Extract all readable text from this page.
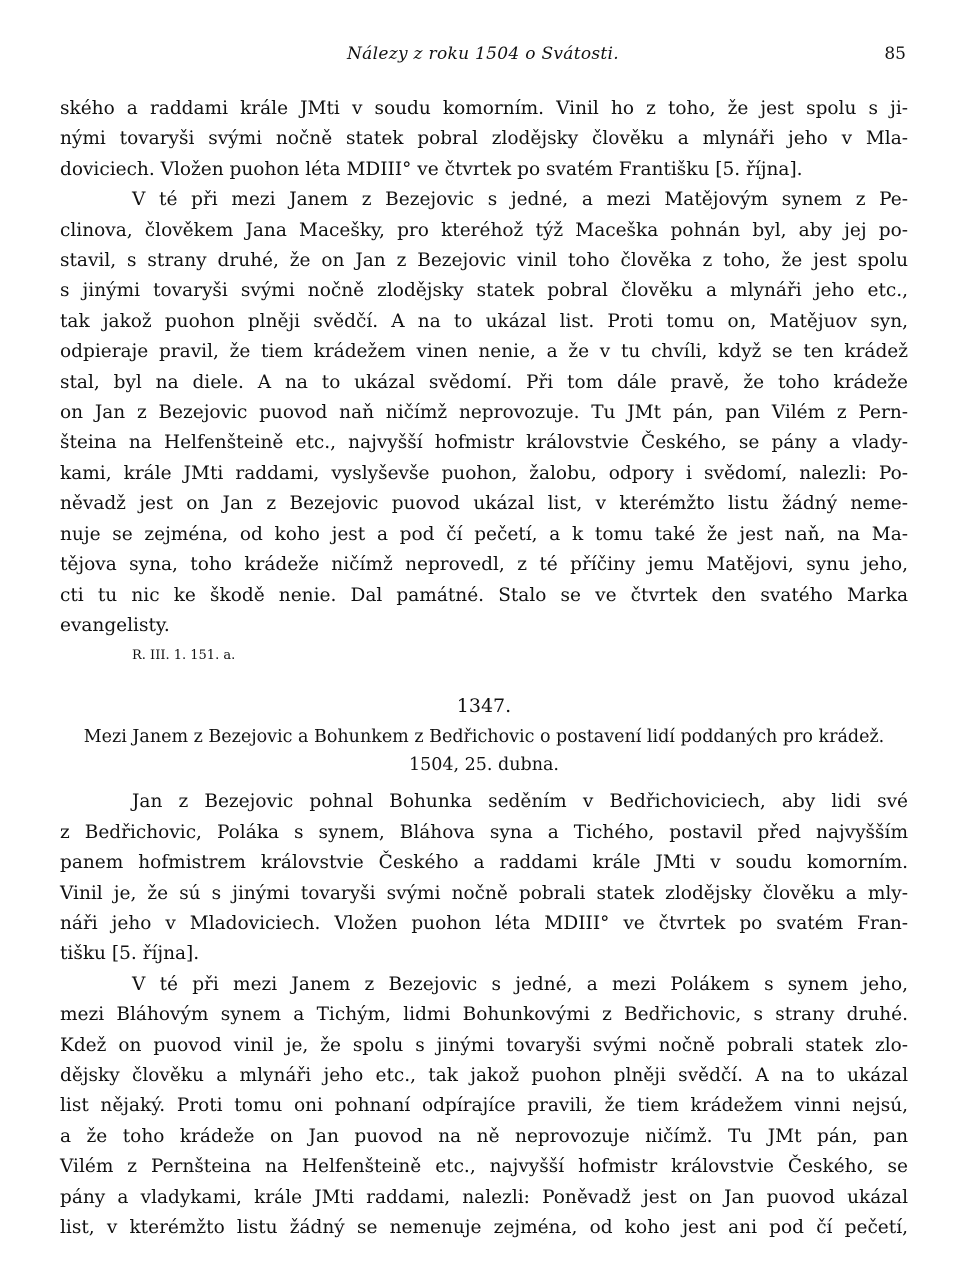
Nálezy z roku 1504 o Svátosti.	85
ského a raddami krále JMti v soudu komorním. Vinil ho z toho, že jest spolu s ji-
nými tovaryši svými nočně statek pobral zlodějsky člověku a mlynáři jeho v Mla-
doviciech. Vložen puohon léta MDIII° ve čtvrtek po svatém Františku [5. října].
V té při mezi Janem z Bezejovic s jedné, a mezi Matějovým synem z Pe-
clinova, člověkem Jana Macešky, pro kteréhož týž Maceška pohnán byl, aby jej po-
stavil, s strany druhé, že on Jan z Bezejovic vinil toho člověka z toho, že jest spolu
s jinými tovaryši svými nočně zlodějsky statek pobral člověku a mlynáři jeho etc.,
tak jakož puohon plněji svědčí. A na to ukázal list. Proti tomu on, Matějuov syn,
odpieraje pravil, že tiem krádežem vinen nenie, a že v tu chvíli, když se ten krádež
stal, byl na diele. A na to ukázal svědomí. Při tom dále pravě, že toho krádeže
on Jan z Bezejovic puovod naň ničímž neprovozuje. Tu JMt pán, pan Vilém z Pern-
šteina na Helfenšteině etc., najvyšší hofmistr královstvie Českého, se pány a vlady-
kami, krále JMti raddami, vyslyševše puohon, žalobu, odpory i svědomí, nalezli: Po-
něvadž jest on Jan z Bezejovic puovod ukázal list, v kterémžto listu žádný neme-
nuje se zejména, od koho jest a pod čí pečetí, a k tomu také že jest naň, na Ma-
tějova syna, toho krádeže ničímž neprovedl, z té příčiny jemu Matějovi, synu jeho,
cti tu nic ke škodě nenie. Dal památné. Stalo se ve čtvrtek den svatého Marka
evangelisty.
R. III. 1. 151. a.
1347.
Mezi Janem z Bezejovic a Bohunkem z Bedřichovic o postavení lidí poddaných pro krádež.
1504, 25. dubna.
Jan z Bezejovic pohnal Bohunka seděním v Bedřichoviciech, aby lidi své
z Bedřichovic, Poláka s synem, Bláhova syna a Tichého, postavil před najvyšším
panem hofmistrem královstvie Českého a raddami krále JMti v soudu komorním.
Vinil je, že sú s jinými tovaryši svými nočně pobrali statek zlodějsky člověku a mly-
náři jeho v Mladoviciech. Vložen puohon léta MDIII° ve čtvrtek po svatém Fran-
tišku [5. října].
V té při mezi Janem z Bezejovic s jedné, a mezi Polákem s synem jeho,
mezi Bláhovým synem a Tichým, lidmi Bohunkovými z Bedřichovic, s strany druhé.
Kdež on puovod vinil je, že spolu s jinými tovaryši svými nočně pobrali statek zlo-
dějsky člověku a mlynáři jeho etc., tak jakož puohon plněji svědčí. A na to ukázal
list nějaký. Proti tomu oni pohnaní odpírajíce pravili, že tiem krádežem vinni nejsú,
a že toho krádeže on Jan puovod na ně neprovozuje ničímž. Tu JMt pán, pan
Vilém z Pernšteina na Helfenšteině etc., najvyšší hofmistr královstvie Českého, se
pány a vladykami, krále JMti raddami, nalezli: Poněvadž jest on Jan puovod ukázal
list, v kterémžto listu žádný se nemenuje zejména, od koho jest ani pod čí pečetí,
